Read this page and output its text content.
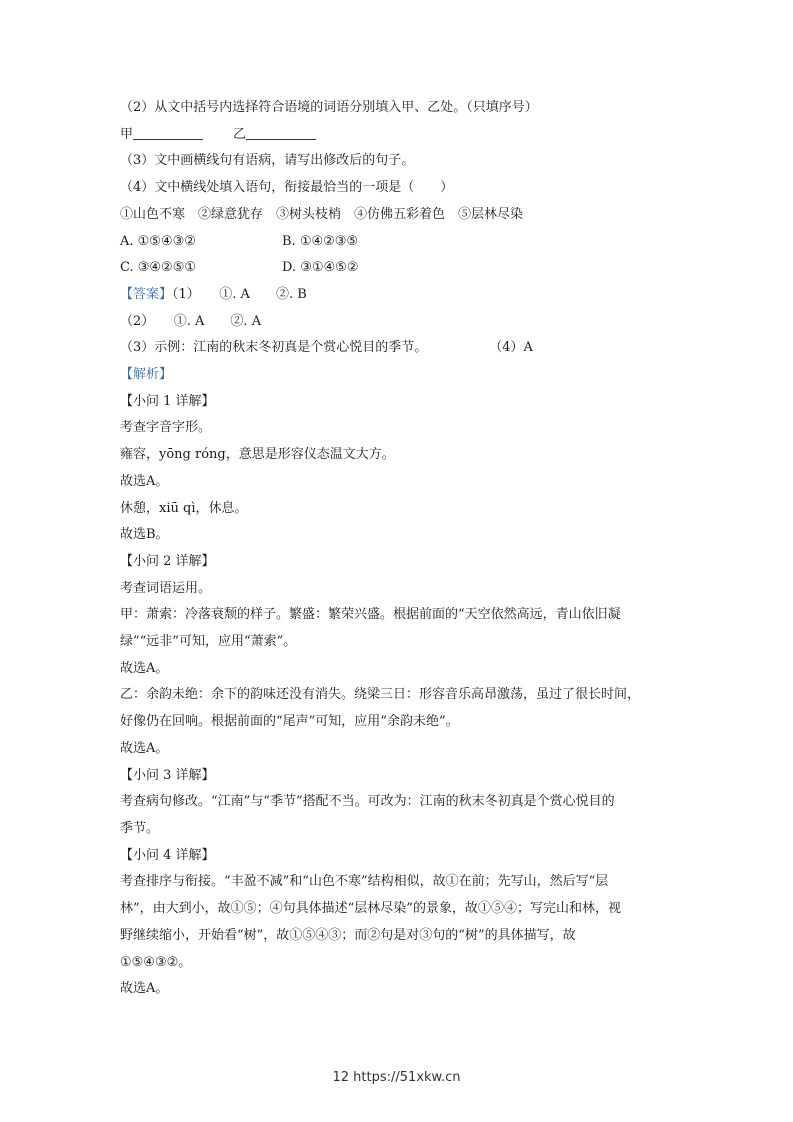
（2）从文中括号内选择符合语境的词语分别填入甲、乙处。（只填序号）
甲	乙
（3）文中画横线句有语病，请写出修改后的句子。
（4）文中横线处填入语句，衔接最恰当的一项是（　　）
①山色不寒　②绿意犹存　③树头枝梢　④仿佛五彩着色　⑤层林尽染
A. ①⑤④③②	B. ①④②③⑤
C. ③④②⑤①	D. ③①④⑤②
【答案】（1）　　①. A　　②. B
（2）　　①. A　　②. A
（3）示例：江南的秋末冬初真是个赏心悦目的季节。	（4）A
【解析】
【小问 1 详解】
考查字音字形。
雍容，yōng róng，意思是形容仪态温文大方。
故选A。
休憩，xiū qì，休息。
故选B。
【小问 2 详解】
考查词语运用。
甲：萧索：冷落衰颓的样子。繁盛：繁荣兴盛。根据前面的“天空依然高远，青山依旧凝
绿”“远非”可知，应用“萧索”。
故选A。
乙：余韵未绝：余下的韵味还没有消失。绕梁三日：形容音乐高昂激荡，虽过了很长时间，
好像仍在回响。根据前面的“尾声”可知，应用“余韵未绝”。
故选A。
【小问 3 详解】
考查病句修改。“江南”与“季节”搭配不当。可改为：江南的秋末冬初真是个赏心悦目的
季节。
【小问 4 详解】
考查排序与衔接。“丰盈不减”和“山色不寒”结构相似，故①在前；先写山，然后写“层
林”，由大到小，故①⑤；④句具体描述“层林尽染”的景象，故①⑤④；写完山和林，视
野继续缩小，开始看“树”，故①⑤④③；而②句是对③句的“树”的具体描写，故
①⑤④③②。
故选A。
12 https://51xkw.cn
